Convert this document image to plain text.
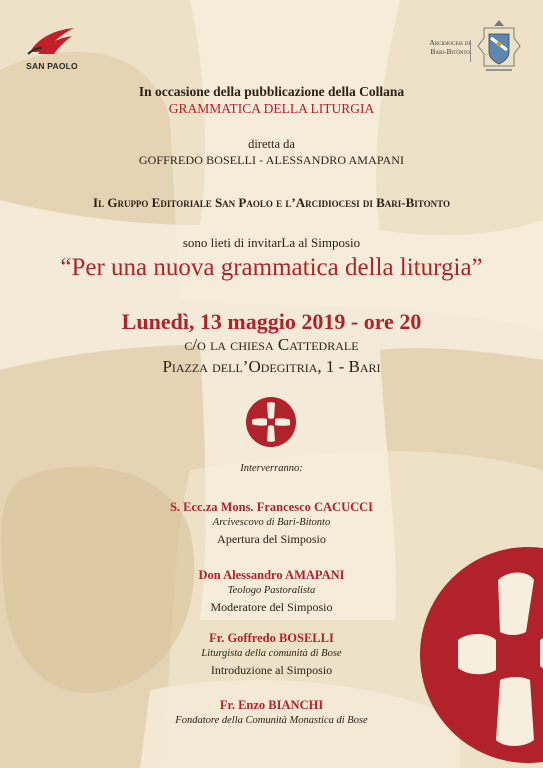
SAN PAOLO
Arcidiocesi di
Bari-Bitonto
In occasione della pubblicazione della Collana
GRAMMATICA DELLA LITURGIA
diretta da
GOFFREDO BOSELLI - ALESSANDRO AMAPANI
Il Gruppo Editoriale San Paolo e l’Arcidiocesi di Bari-Bitonto
sono lieti di invitarLa al Simposio
“Per una nuova grammatica della liturgia”
Lunedì, 13 maggio 2019 - ore 20
c/o la chiesa Cattedrale
Piazza dell’Odegitria, 1 - Bari
Interverranno:
S. Ecc.za Mons. Francesco CACUCCI
Arcivescovo di Bari-Bitonto
Apertura del Simposio
Don Alessandro AMAPANI
Teologo Pastoralista
Moderatore del Simposio
Fr. Goffredo BOSELLI
Liturgista della comunità di Bose
Introduzione al Simposio
Fr. Enzo BIANCHI
Fondatore della Comunità Monastica di Bose
